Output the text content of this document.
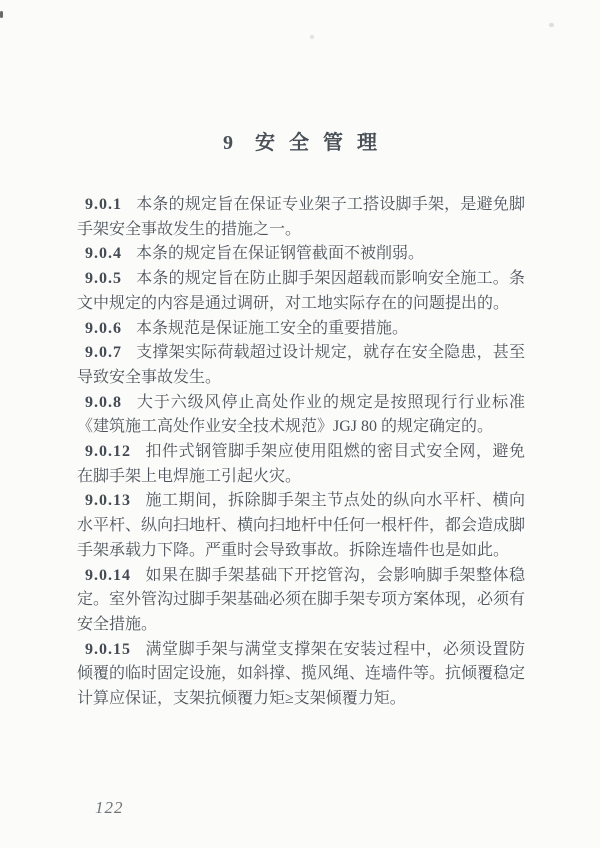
9 安全管理

9.0.1 本条的规定旨在保证专业架子工搭设脚手架，是避免脚手架安全事故发生的措施之一。

9.0.4 本条的规定旨在保证钢管截面不被削弱。

9.0.5 本条的规定旨在防止脚手架因超载而影响安全施工。条文中规定的内容是通过调研，对工地实际存在的问题提出的。

9.0.6 本条规范是保证施工安全的重要措施。

9.0.7 支撑架实际荷载超过设计规定，就存在安全隐患，甚至导致安全事故发生。

9.0.8 大于六级风停止高处作业的规定是按照现行行业标准《建筑施工高处作业安全技术规范》JGJ 80 的规定确定的。

9.0.12 扣件式钢管脚手架应使用阻燃的密目式安全网，避免在脚手架上电焊施工引起火灾。

9.0.13 施工期间，拆除脚手架主节点处的纵向水平杆、横向水平杆、纵向扫地杆、横向扫地杆中任何一根杆件，都会造成脚手架承载力下降。严重时会导致事故。拆除连墙件也是如此。

9.0.14 如果在脚手架基础下开挖管沟，会影响脚手架整体稳定。室外管沟过脚手架基础必须在脚手架专项方案体现，必须有安全措施。

9.0.15 满堂脚手架与满堂支撑架在安装过程中，必须设置防倾覆的临时固定设施，如斜撑、揽风绳、连墙件等。抗倾覆稳定计算应保证，支架抗倾覆力矩≥支架倾覆力矩。

122
